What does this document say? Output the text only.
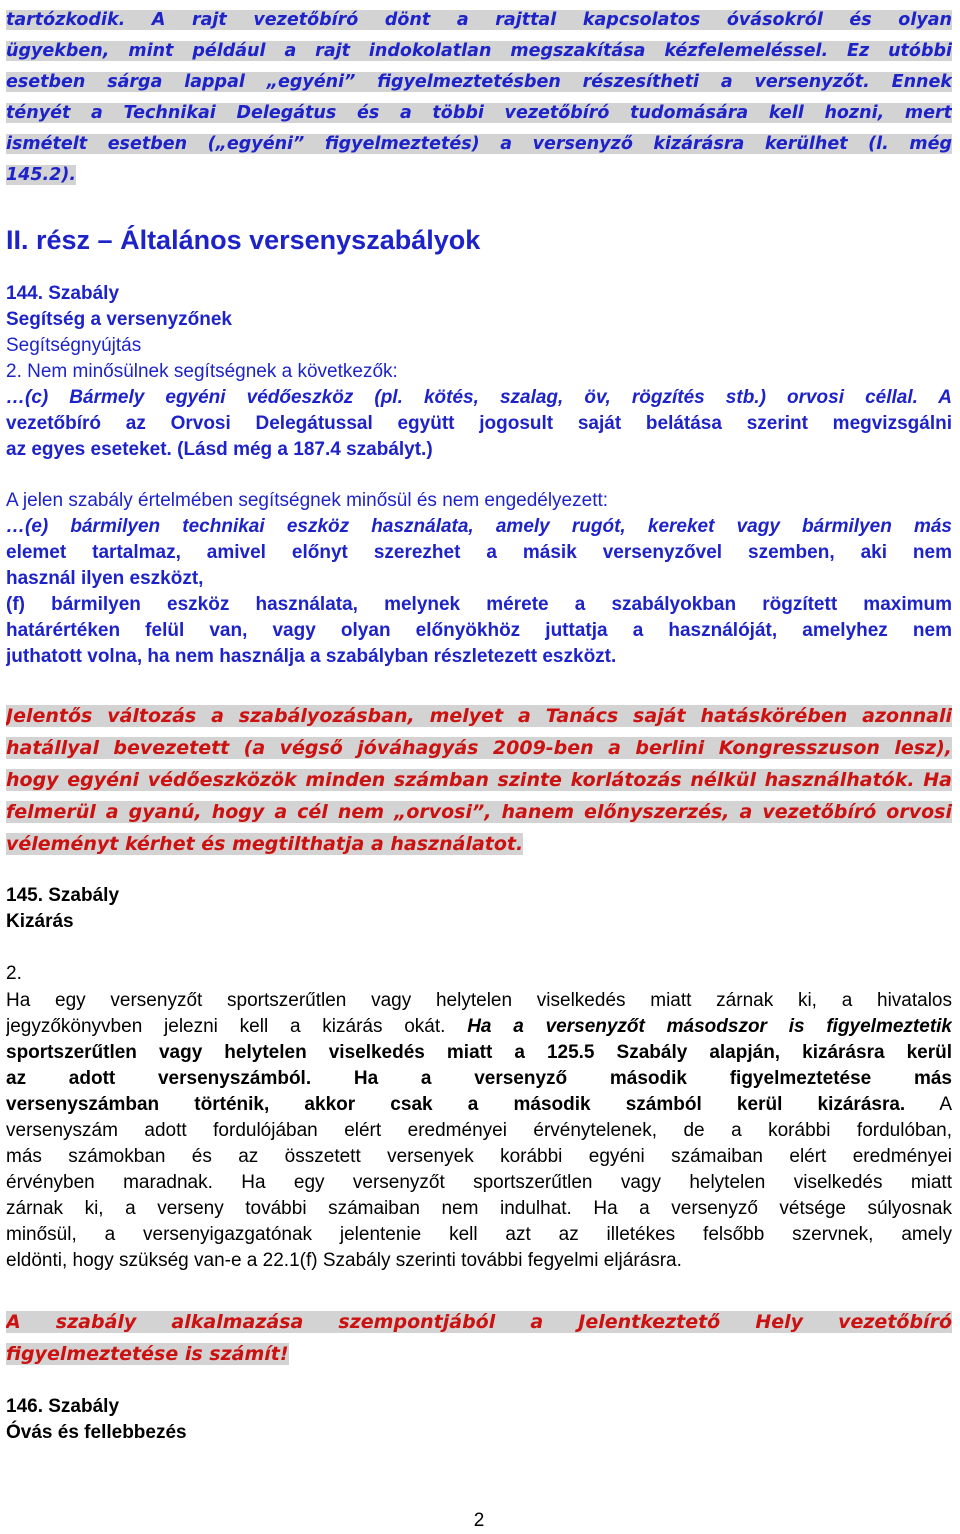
tartózkodik. A rajt vezetőbíró dönt a rajttal kapcsolatos óvásokról és olyan
ügyekben, mint például a rajt indokolatlan megszakítása kézfelemeléssel. Ez utóbbi
esetben sárga lappal „egyéni” figyelmeztetésben részesítheti a versenyzőt. Ennek
tényét a Technikai Delegátus és a többi vezetőbíró tudomására kell hozni, mert
ismételt esetben („egyéni” figyelmeztetés) a versenyző kizárásra kerülhet (l. még
145.2).
II. rész – Általános versenyszabályok
144. Szabály
Segítség a versenyzőnek
Segítségnyújtás
2. Nem minősülnek segítségnek a következők:
…(c) Bármely egyéni védőeszköz (pl. kötés, szalag, öv, rögzítés stb.) orvosi céllal. A
vezetőbíró az Orvosi Delegátussal együtt jogosult saját belátása szerint megvizsgálni
az egyes eseteket. (Lásd még a 187.4 szabályt.)
A jelen szabály értelmében segítségnek minősül és nem engedélyezett:
…(e) bármilyen technikai eszköz használata, amely rugót, kereket vagy bármilyen más
elemet tartalmaz, amivel előnyt szerezhet a másik versenyzővel szemben, aki nem
használ ilyen eszközt,
(f) bármilyen eszköz használata, melynek mérete a szabályokban rögzített maximum
határértéken felül van, vagy olyan előnyökhöz juttatja a használóját, amelyhez nem
juthatott volna, ha nem használja a szabályban részletezett eszközt.
Jelentős változás a szabályozásban, melyet a Tanács saját hatáskörében azonnali
hatállyal bevezetett (a végső jóváhagyás 2009-ben a berlini Kongresszuson lesz),
hogy egyéni védőeszközök minden számban szinte korlátozás nélkül használhatók. Ha
felmerül a gyanú, hogy a cél nem „orvosi”, hanem előnyszerzés, a vezetőbíró orvosi
véleményt kérhet és megtilthatja a használatot.
145. Szabály
Kizárás
2.
Ha egy versenyzőt sportszerűtlen vagy helytelen viselkedés miatt zárnak ki, a hivatalos
jegyzőkönyvben jelezni kell a kizárás okát. Ha a versenyzőt másodszor is figyelmeztetik
sportszerűtlen vagy helytelen viselkedés miatt a 125.5 Szabály alapján, kizárásra kerül
az adott versenyszámból. Ha a versenyző második figyelmeztetése más
versenyszámban történik, akkor csak a második számból kerül kizárásra. A
versenyszám adott fordulójában elért eredményei érvénytelenek, de a korábbi fordulóban,
más számokban és az összetett versenyek korábbi egyéni számaiban elért eredményei
érvényben maradnak. Ha egy versenyzőt sportszerűtlen vagy helytelen viselkedés miatt
zárnak ki, a verseny további számaiban nem indulhat. Ha a versenyző vétsége súlyosnak
minősül, a versenyigazgatónak jelentenie kell azt az illetékes felsőbb szervnek, amely
eldönti, hogy szükség van-e a 22.1(f) Szabály szerinti további fegyelmi eljárásra.
A szabály alkalmazása szempontjából a Jelentkeztető Hely vezetőbíró
figyelmeztetése is számít!
146. Szabály
Óvás és fellebbezés
2
